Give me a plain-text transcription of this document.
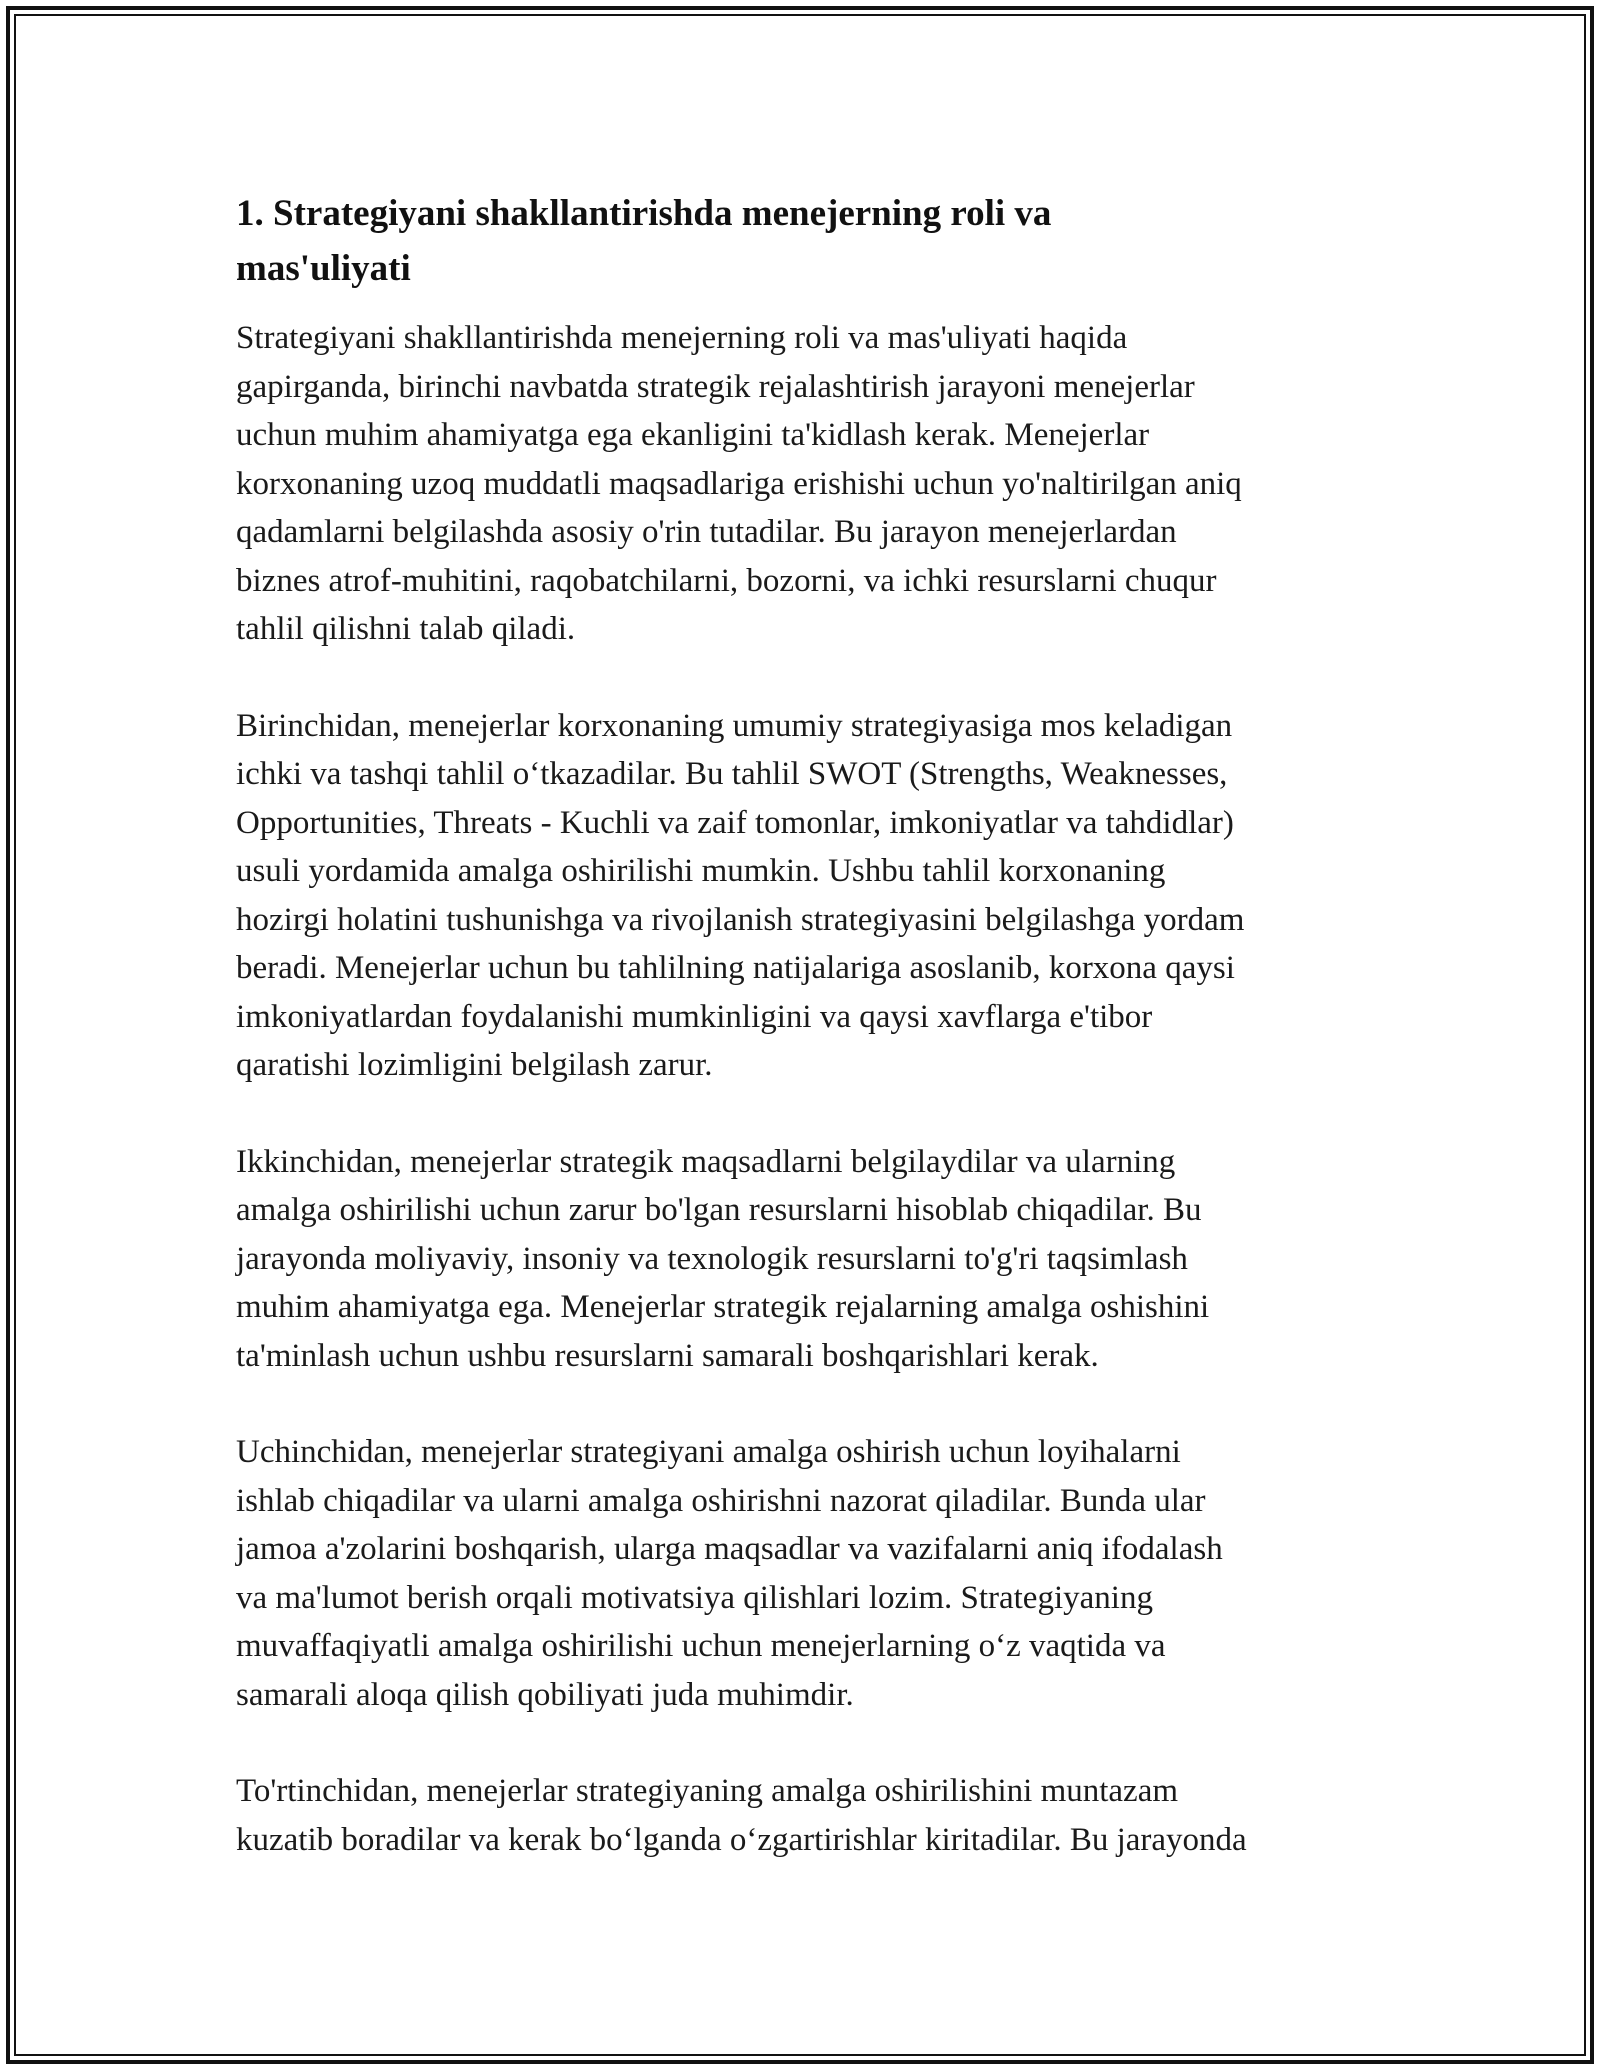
1. Strategiyani shakllantirishda menejerning roli va
mas'uliyati

Strategiyani shakllantirishda menejerning roli va mas'uliyati haqida
gapirganda, birinchi navbatda strategik rejalashtirish jarayoni menejerlar
uchun muhim ahamiyatga ega ekanligini ta'kidlash kerak. Menejerlar
korxonaning uzoq muddatli maqsadlariga erishishi uchun yo'naltirilgan aniq
qadamlarni belgilashda asosiy o'rin tutadilar. Bu jarayon menejerlardan
biznes atrof-muhitini, raqobatchilarni, bozorni, va ichki resurslarni chuqur
tahlil qilishni talab qiladi.

Birinchidan, menejerlar korxonaning umumiy strategiyasiga mos keladigan
ichki va tashqi tahlil o‘tkazadilar. Bu tahlil SWOT (Strengths, Weaknesses,
Opportunities, Threats - Kuchli va zaif tomonlar, imkoniyatlar va tahdidlar)
usuli yordamida amalga oshirilishi mumkin. Ushbu tahlil korxonaning
hozirgi holatini tushunishga va rivojlanish strategiyasini belgilashga yordam
beradi. Menejerlar uchun bu tahlilning natijalariga asoslanib, korxona qaysi
imkoniyatlardan foydalanishi mumkinligini va qaysi xavflarga e'tibor
qaratishi lozimligini belgilash zarur.

Ikkinchidan, menejerlar strategik maqsadlarni belgilaydilar va ularning
amalga oshirilishi uchun zarur bo'lgan resurslarni hisoblab chiqadilar. Bu
jarayonda moliyaviy, insoniy va texnologik resurslarni to'g'ri taqsimlash
muhim ahamiyatga ega. Menejerlar strategik rejalarning amalga oshishini
ta'minlash uchun ushbu resurslarni samarali boshqarishlari kerak.

Uchinchidan, menejerlar strategiyani amalga oshirish uchun loyihalarni
ishlab chiqadilar va ularni amalga oshirishni nazorat qiladilar. Bunda ular
jamoa a'zolarini boshqarish, ularga maqsadlar va vazifalarni aniq ifodalash
va ma'lumot berish orqali motivatsiya qilishlari lozim. Strategiyaning
muvaffaqiyatli amalga oshirilishi uchun menejerlarning o‘z vaqtida va
samarali aloqa qilish qobiliyati juda muhimdir.

To'rtinchidan, menejerlar strategiyaning amalga oshirilishini muntazam
kuzatib boradilar va kerak bo‘lganda o‘zgartirishlar kiritadilar. Bu jarayonda
